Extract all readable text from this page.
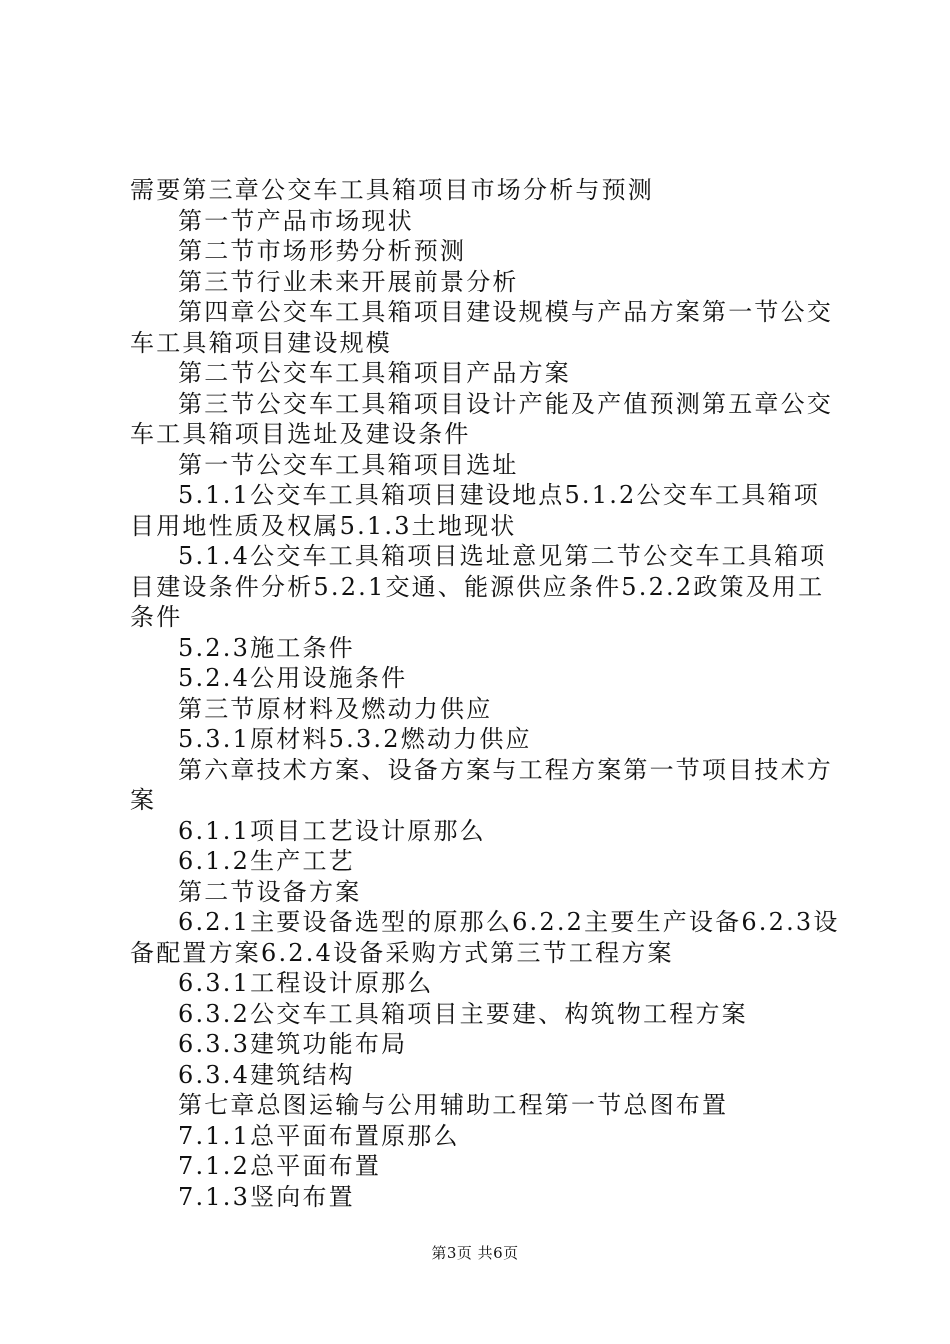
需要第三章公交车工具箱项目市场分析与预测

第一节产品市场现状

第二节市场形势分析预测

第三节行业未来开展前景分析

第四章公交车工具箱项目建设规模与产品方案第一节公交车工具箱项目建设规模

第二节公交车工具箱项目产品方案

第三节公交车工具箱项目设计产能及产值预测第五章公交车工具箱项目选址及建设条件

第一节公交车工具箱项目选址

5.1.1公交车工具箱项目建设地点5.1.2公交车工具箱项目用地性质及权属5.1.3土地现状

5.1.4公交车工具箱项目选址意见第二节公交车工具箱项目建设条件分析5.2.1交通、能源供应条件5.2.2政策及用工条件

5.2.3施工条件

5.2.4公用设施条件

第三节原材料及燃动力供应

5.3.1原材料5.3.2燃动力供应

第六章技术方案、设备方案与工程方案第一节项目技术方案

6.1.1项目工艺设计原那么

6.1.2生产工艺

第二节设备方案

6.2.1主要设备选型的原那么6.2.2主要生产设备6.2.3设备配置方案6.2.4设备采购方式第三节工程方案

6.3.1工程设计原那么

6.3.2公交车工具箱项目主要建、构筑物工程方案

6.3.3建筑功能布局

6.3.4建筑结构

第七章总图运输与公用辅助工程第一节总图布置

7.1.1总平面布置原那么

7.1.2总平面布置

7.1.3竖向布置

第3页 共6页
